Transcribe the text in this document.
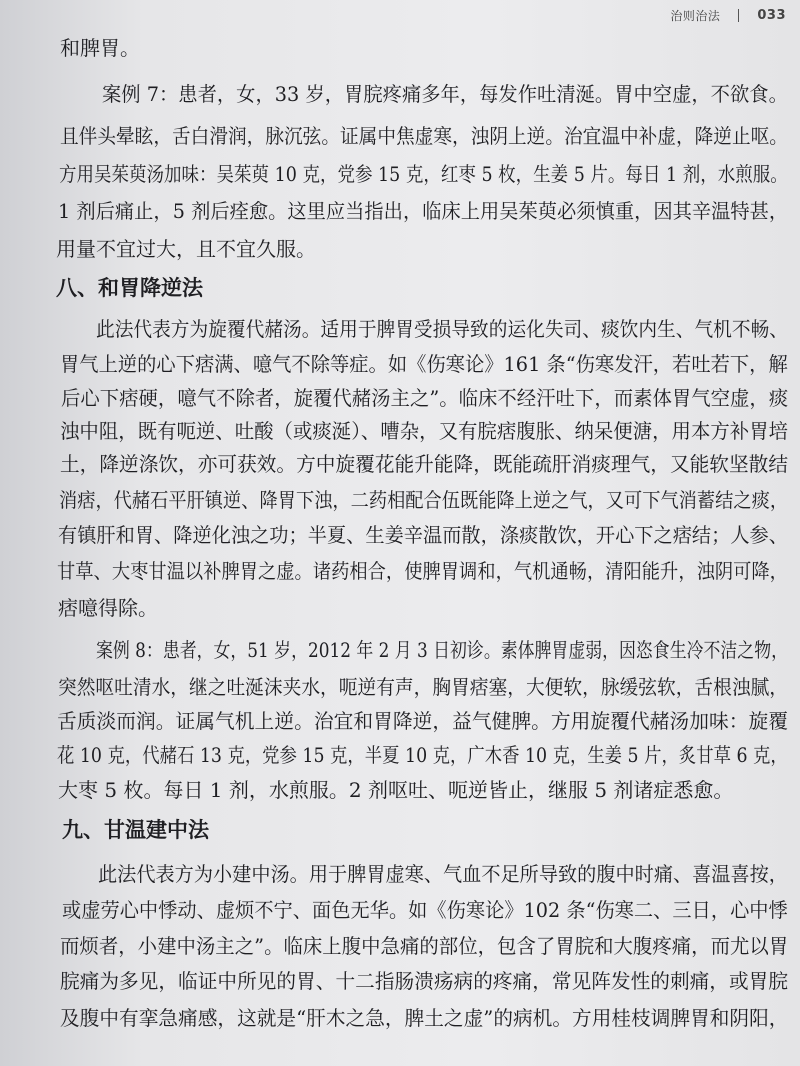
治则治法	033
和脾胃。
案例 7：患者，女，33 岁，胃脘疼痛多年，每发作吐清涎。胃中空虚，不欲食。
且伴头晕眩，舌白滑润，脉沉弦。证属中焦虚寒，浊阴上逆。治宜温中补虚，降逆止呕。
方用吴茱萸汤加味：吴茱萸 10 克，党参 15 克，红枣 5 枚，生姜 5 片。每日 1 剂，水煎服。
1 剂后痛止，5 剂后痊愈。这里应当指出，临床上用吴茱萸必须慎重，因其辛温特甚，
用量不宜过大，且不宜久服。
八、和胃降逆法
此法代表方为旋覆代赭汤。适用于脾胃受损导致的运化失司、痰饮内生、气机不畅、
胃气上逆的心下痞满、噫气不除等症。如《伤寒论》161 条“伤寒发汗，若吐若下，解
后心下痞硬，噫气不除者，旋覆代赭汤主之”。临床不经汗吐下，而素体胃气空虚，痰
浊中阻，既有呃逆、吐酸（或痰涎）、嘈杂，又有脘痞腹胀、纳呆便溏，用本方补胃培
土，降逆涤饮，亦可获效。方中旋覆花能升能降，既能疏肝消痰理气，又能软坚散结
消痞，代赭石平肝镇逆、降胃下浊，二药相配合伍既能降上逆之气，又可下气消蓄结之痰，
有镇肝和胃、降逆化浊之功；半夏、生姜辛温而散，涤痰散饮，开心下之痞结；人参、
甘草、大枣甘温以补脾胃之虚。诸药相合，使脾胃调和，气机通畅，清阳能升，浊阴可降，
痞噫得除。
案例 8：患者，女，51 岁，2012 年 2 月 3 日初诊。素体脾胃虚弱，因恣食生冷不洁之物，
突然呕吐清水，继之吐涎沫夹水，呃逆有声，胸胃痞塞，大便软，脉缓弦软，舌根浊腻，
舌质淡而润。证属气机上逆。治宜和胃降逆，益气健脾。方用旋覆代赭汤加味：旋覆
花 10 克，代赭石 13 克，党参 15 克，半夏 10 克，广木香 10 克，生姜 5 片，炙甘草 6 克，
大枣 5 枚。每日 1 剂，水煎服。2 剂呕吐、呃逆皆止，继服 5 剂诸症悉愈。
九、甘温建中法
此法代表方为小建中汤。用于脾胃虚寒、气血不足所导致的腹中时痛、喜温喜按，
或虚劳心中悸动、虚烦不宁、面色无华。如《伤寒论》102 条“伤寒二、三日，心中悸
而烦者，小建中汤主之”。临床上腹中急痛的部位，包含了胃脘和大腹疼痛，而尤以胃
脘痛为多见，临证中所见的胃、十二指肠溃疡病的疼痛，常见阵发性的刺痛，或胃脘
及腹中有挛急痛感，这就是“肝木之急，脾土之虚”的病机。方用桂枝调脾胃和阴阳，
